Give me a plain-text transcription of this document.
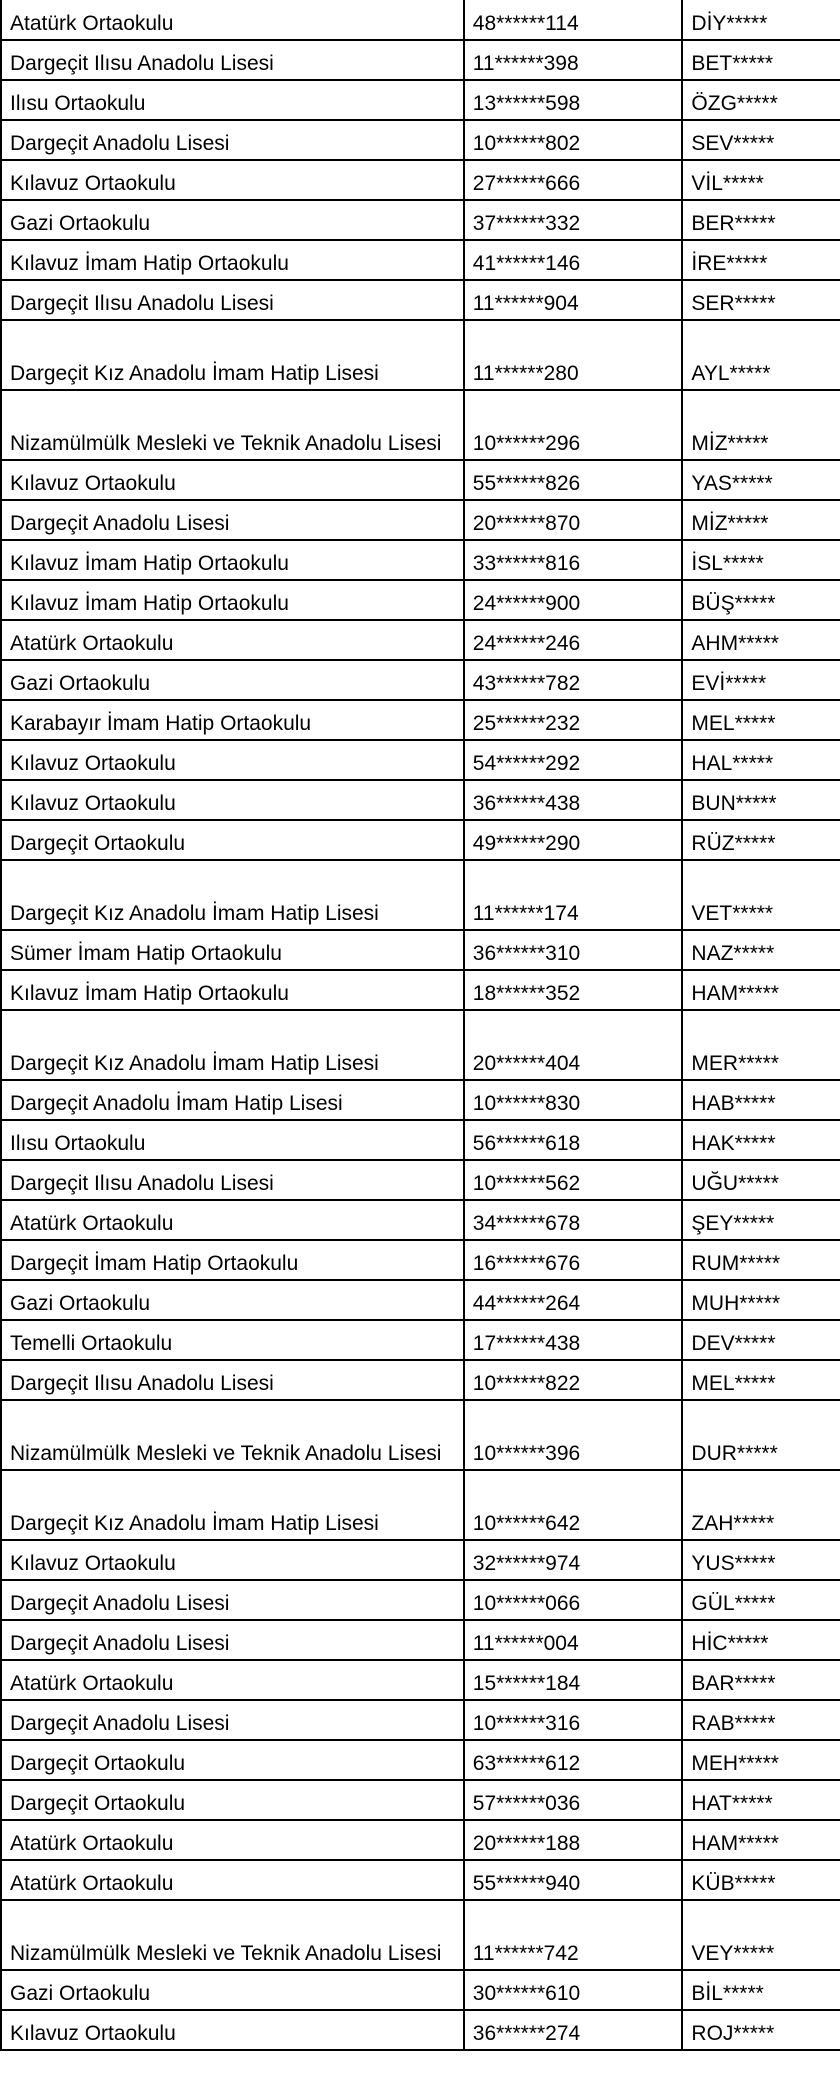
Atatürk Ortaokulu	48******114	DİY*****
Dargeçit Ilısu Anadolu Lisesi	11******398	BET*****
Ilısu Ortaokulu	13******598	ÖZG*****
Dargeçit Anadolu Lisesi	10******802	SEV*****
Kılavuz Ortaokulu	27******666	VİL*****
Gazi Ortaokulu	37******332	BER*****
Kılavuz İmam Hatip Ortaokulu	41******146	İRE*****
Dargeçit Ilısu Anadolu Lisesi	11******904	SER*****
Dargeçit Kız Anadolu İmam Hatip Lisesi	11******280	AYL*****
Nizamülmülk Mesleki ve Teknik Anadolu Lisesi	10******296	MİZ*****
Kılavuz Ortaokulu	55******826	YAS*****
Dargeçit Anadolu Lisesi	20******870	MİZ*****
Kılavuz İmam Hatip Ortaokulu	33******816	İSL*****
Kılavuz İmam Hatip Ortaokulu	24******900	BÜŞ*****
Atatürk Ortaokulu	24******246	AHM*****
Gazi Ortaokulu	43******782	EVİ*****
Karabayır İmam Hatip Ortaokulu	25******232	MEL*****
Kılavuz Ortaokulu	54******292	HAL*****
Kılavuz Ortaokulu	36******438	BUN*****
Dargeçit Ortaokulu	49******290	RÜZ*****
Dargeçit Kız Anadolu İmam Hatip Lisesi	11******174	VET*****
Sümer İmam Hatip Ortaokulu	36******310	NAZ*****
Kılavuz İmam Hatip Ortaokulu	18******352	HAM*****
Dargeçit Kız Anadolu İmam Hatip Lisesi	20******404	MER*****
Dargeçit Anadolu İmam Hatip Lisesi	10******830	HAB*****
Ilısu Ortaokulu	56******618	HAK*****
Dargeçit Ilısu Anadolu Lisesi	10******562	UĞU*****
Atatürk Ortaokulu	34******678	ŞEY*****
Dargeçit İmam Hatip Ortaokulu	16******676	RUM*****
Gazi Ortaokulu	44******264	MUH*****
Temelli Ortaokulu	17******438	DEV*****
Dargeçit Ilısu Anadolu Lisesi	10******822	MEL*****
Nizamülmülk Mesleki ve Teknik Anadolu Lisesi	10******396	DUR*****
Dargeçit Kız Anadolu İmam Hatip Lisesi	10******642	ZAH*****
Kılavuz Ortaokulu	32******974	YUS*****
Dargeçit Anadolu Lisesi	10******066	GÜL*****
Dargeçit Anadolu Lisesi	11******004	HİC*****
Atatürk Ortaokulu	15******184	BAR*****
Dargeçit Anadolu Lisesi	10******316	RAB*****
Dargeçit Ortaokulu	63******612	MEH*****
Dargeçit Ortaokulu	57******036	HAT*****
Atatürk Ortaokulu	20******188	HAM*****
Atatürk Ortaokulu	55******940	KÜB*****
Nizamülmülk Mesleki ve Teknik Anadolu Lisesi	11******742	VEY*****
Gazi Ortaokulu	30******610	BİL*****
Kılavuz Ortaokulu	36******274	ROJ*****
